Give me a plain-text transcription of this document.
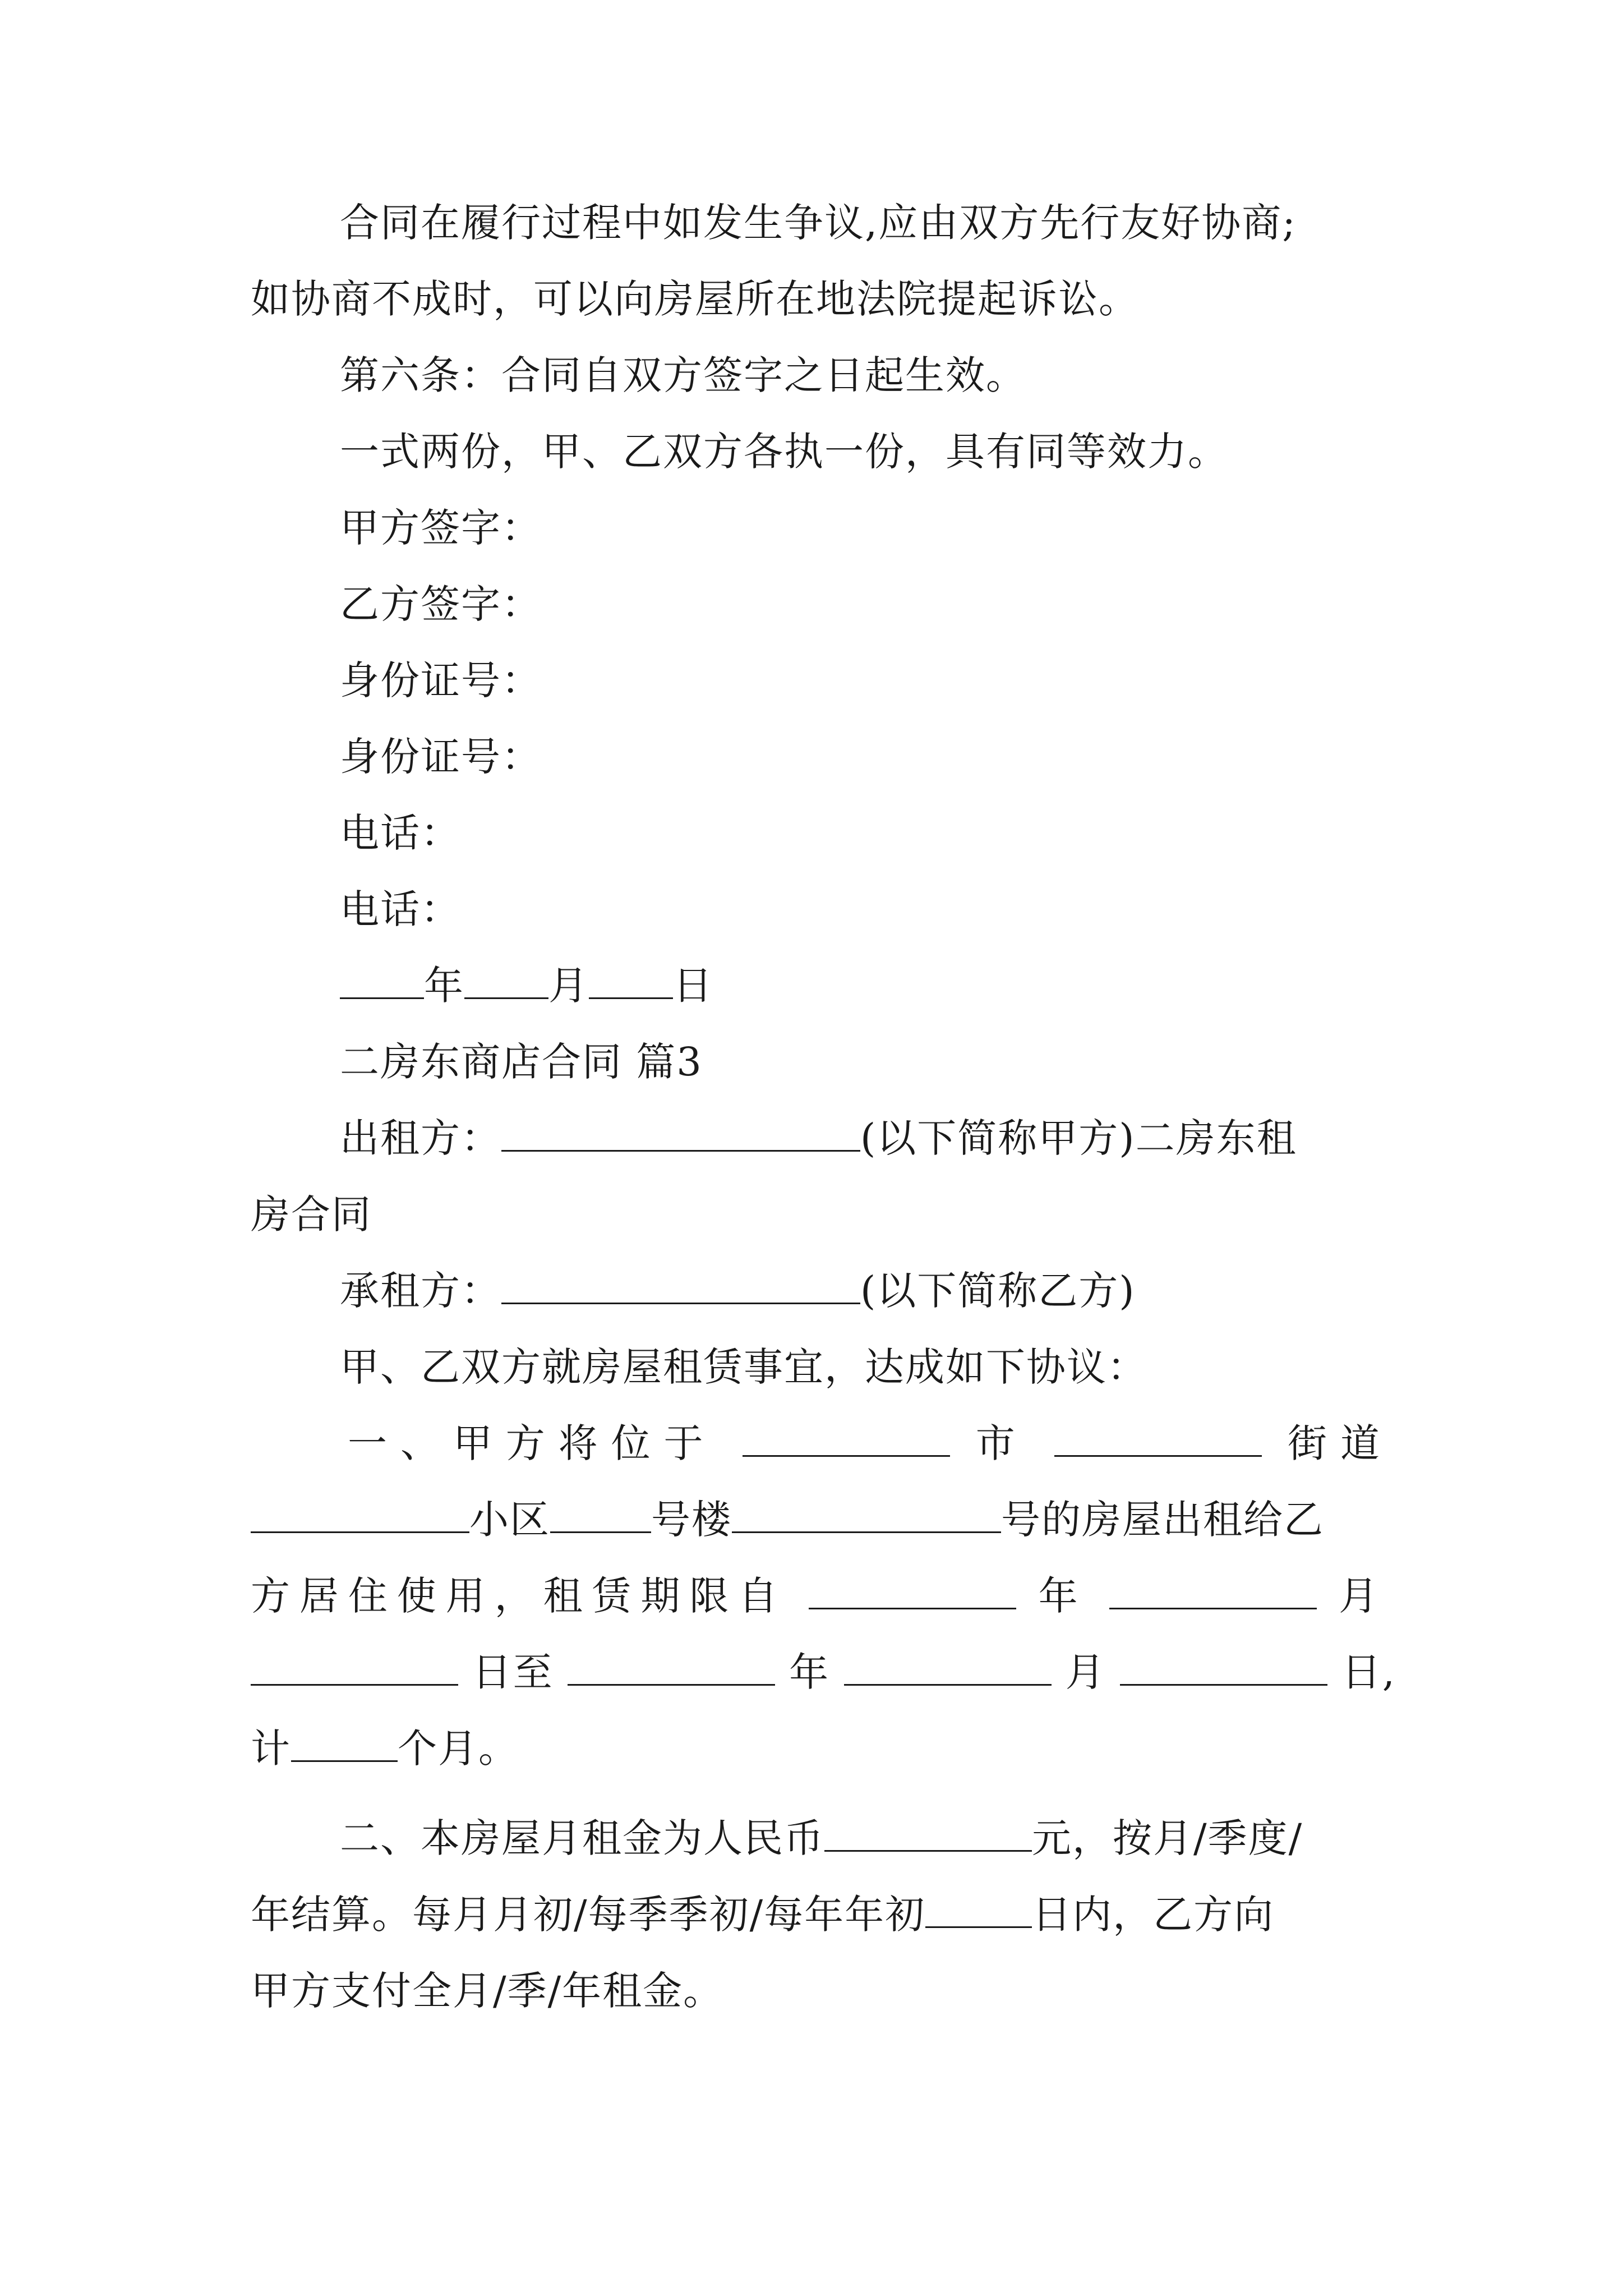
合同在履行过程中如发生争议,应由双方先行友好协商;
如协商不成时，可以向房屋所在地法院提起诉讼。
第六条：合同自双方签字之日起生效。
一式两份，甲、乙双方各执一份，具有同等效力。
甲方签字：
乙方签字：
身份证号：
身份证号：
电话：
电话：
年 月 日
二房东商店合同 篇3
出租方：	(以下简称甲方)二房东租
房合同
承租方：	(以下简称乙方)
甲、乙双方就房屋租赁事宜，达成如下协议：
一、甲方将位于	市	街道
小区	号楼	号的房屋出租给乙
方居住使用，租赁期限自	年	月
日至	年	月	日,
计	个月。
二、本房屋月租金为人民币	元，按月/季度/
年结算。每月月初/每季季初/每年年初	日内，乙方向
甲方支付全月/季/年租金。
